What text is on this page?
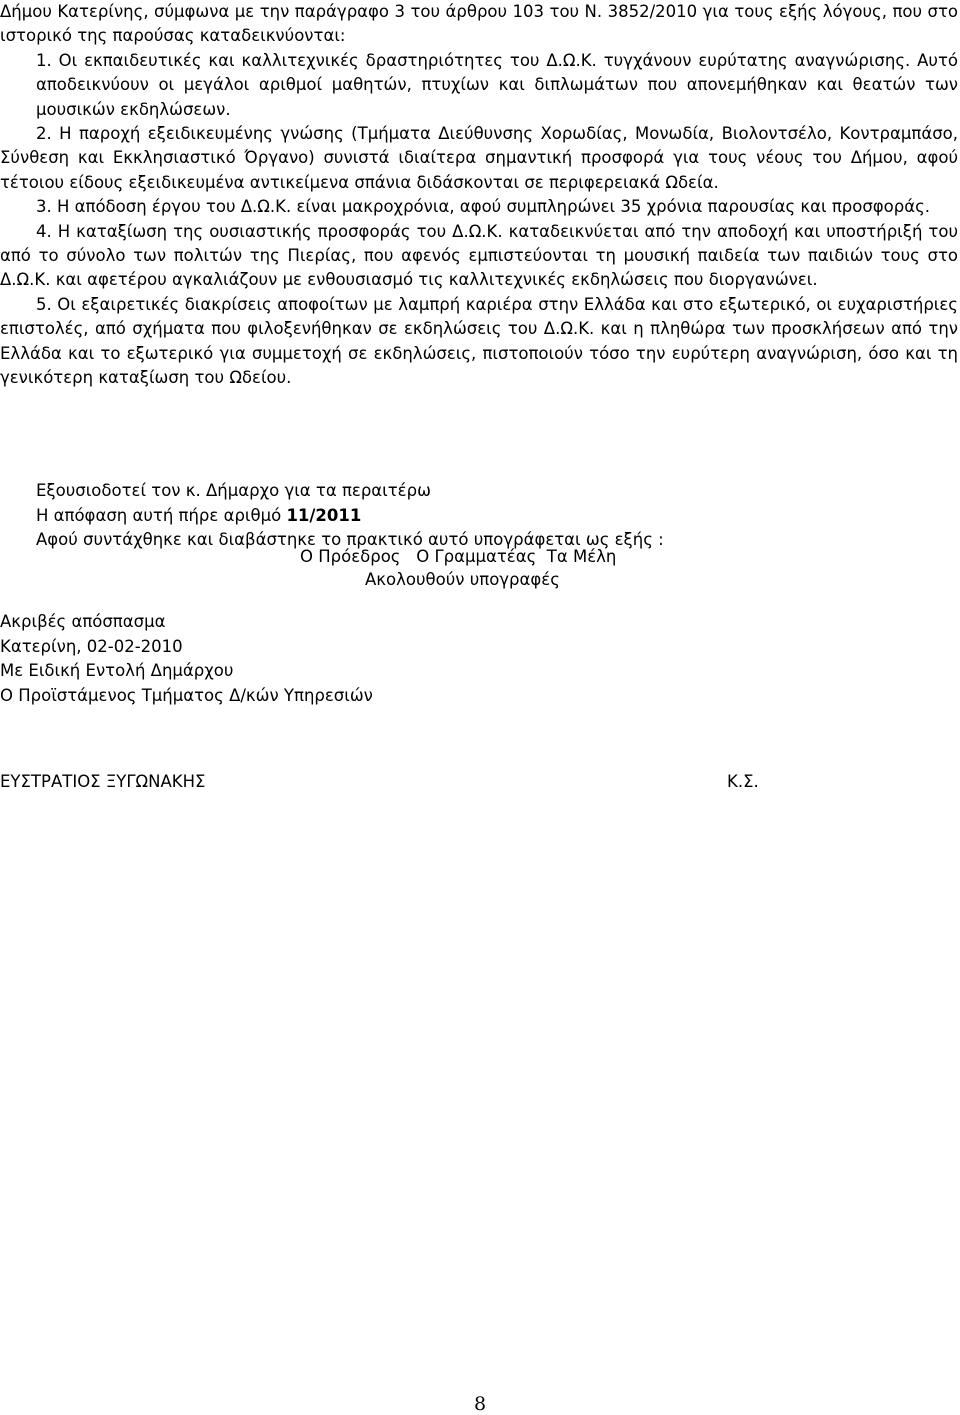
Δήμου Κατερίνης, σύμφωνα με την παράγραφο 3 του άρθρου 103 του Ν. 3852/2010 για τους εξής λόγους, που στο ιστορικό της παρούσας καταδεικνύονται:

1. Οι εκπαιδευτικές και καλλιτεχνικές δραστηριότητες του Δ.Ω.Κ. τυγχάνουν ευρύτατης αναγνώρισης. Αυτό αποδεικνύουν οι μεγάλοι αριθμοί μαθητών, πτυχίων και διπλωμάτων που απονεμήθηκαν και θεατών των μουσικών εκδηλώσεων.

2. Η παροχή εξειδικευμένης γνώσης (Τμήματα Διεύθυνσης Χορωδίας, Μονωδία, Βιολοντσέλο, Κοντραμπάσο, Σύνθεση και Εκκλησιαστικό Όργανο) συνιστά ιδιαίτερα σημαντική προσφορά για τους νέους του Δήμου, αφού τέτοιου είδους εξειδικευμένα αντικείμενα σπάνια διδάσκονται σε περιφερειακά Ωδεία.

3. Η απόδοση έργου του Δ.Ω.Κ. είναι μακροχρόνια, αφού συμπληρώνει 35 χρόνια παρουσίας και προσφοράς.

4. Η καταξίωση της ουσιαστικής προσφοράς του Δ.Ω.Κ. καταδεικνύεται από την αποδοχή και υποστήριξή του από το σύνολο των πολιτών της Πιερίας, που αφενός εμπιστεύονται τη μουσική παιδεία των παιδιών τους στο Δ.Ω.Κ. και αφετέρου αγκαλιάζουν με ενθουσιασμό τις καλλιτεχνικές εκδηλώσεις που διοργανώνει.

5. Οι εξαιρετικές διακρίσεις αποφοίτων με λαμπρή καριέρα στην Ελλάδα και στο εξωτερικό, οι ευχαριστήριες επιστολές, από σχήματα που φιλοξενήθηκαν σε εκδηλώσεις του Δ.Ω.Κ. και η πληθώρα των προσκλήσεων από την Ελλάδα και το εξωτερικό για συμμετοχή σε εκδηλώσεις, πιστοποιούν τόσο την ευρύτερη αναγνώριση, όσο και τη γενικότερη καταξίωση του Ωδείου.

Εξουσιοδοτεί τον κ. Δήμαρχο για τα περαιτέρω
Η απόφαση αυτή πήρε αριθμό 11/2011
Αφού συντάχθηκε και διαβάστηκε το πρακτικό αυτό υπογράφεται ως εξής :
Ο Πρόεδρος   Ο Γραμματέας  Τα Μέλη
Ακολουθούν υπογραφές
Ακριβές απόσπασμα
Κατερίνη, 02-02-2010
Με Ειδική Εντολή Δημάρχου
Ο Προϊστάμενος Τμήματος Δ/κών Υπηρεσιών
ΕΥΣΤΡΑΤΙΟΣ ΞΥΓΩΝΑΚΗΣ	Κ.Σ.
8
